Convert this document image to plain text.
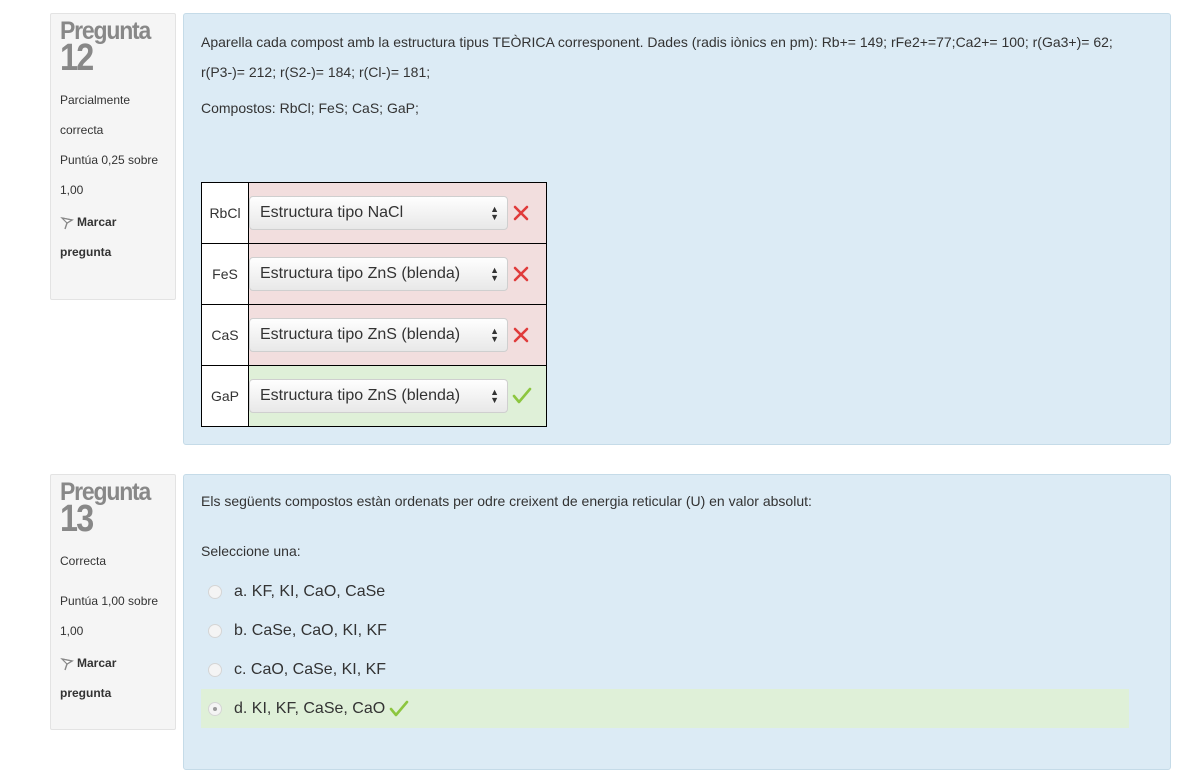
Pregunta
12
Parcialmente
correcta
Puntúa 0,25 sobre
1,00
Marcar
pregunta

Aparella cada compost amb la estructura tipus TEÒRICA corresponent. Dades (radis iònics en pm): Rb+= 149; rFe2+=77;Ca2+= 100; r(Ga3+)= 62; r(P3-)= 212; r(S2-)= 184; r(Cl-)= 181;

Compostos: RbCl; FeS; CaS; GaP;

RbCl	Estructura tipo NaCl ▲
▼

FeS	Estructura tipo ZnS (blenda) ▲
▼

CaS	Estructura tipo ZnS (blenda) ▲
▼

GaP	Estructura tipo ZnS (blenda) ▲
▼
Pregunta
13
Correcta
Puntúa 1,00 sobre
1,00
Marcar
pregunta

Els següents compostos estàn ordenats per odre creixent de energia reticular (U) en valor absolut:

Seleccione una:
a. KF, KI, CaO, CaSe
b. CaSe, CaO, KI, KF
c. CaO, CaSe, KI, KF
d. KI, KF, CaSe, CaO
